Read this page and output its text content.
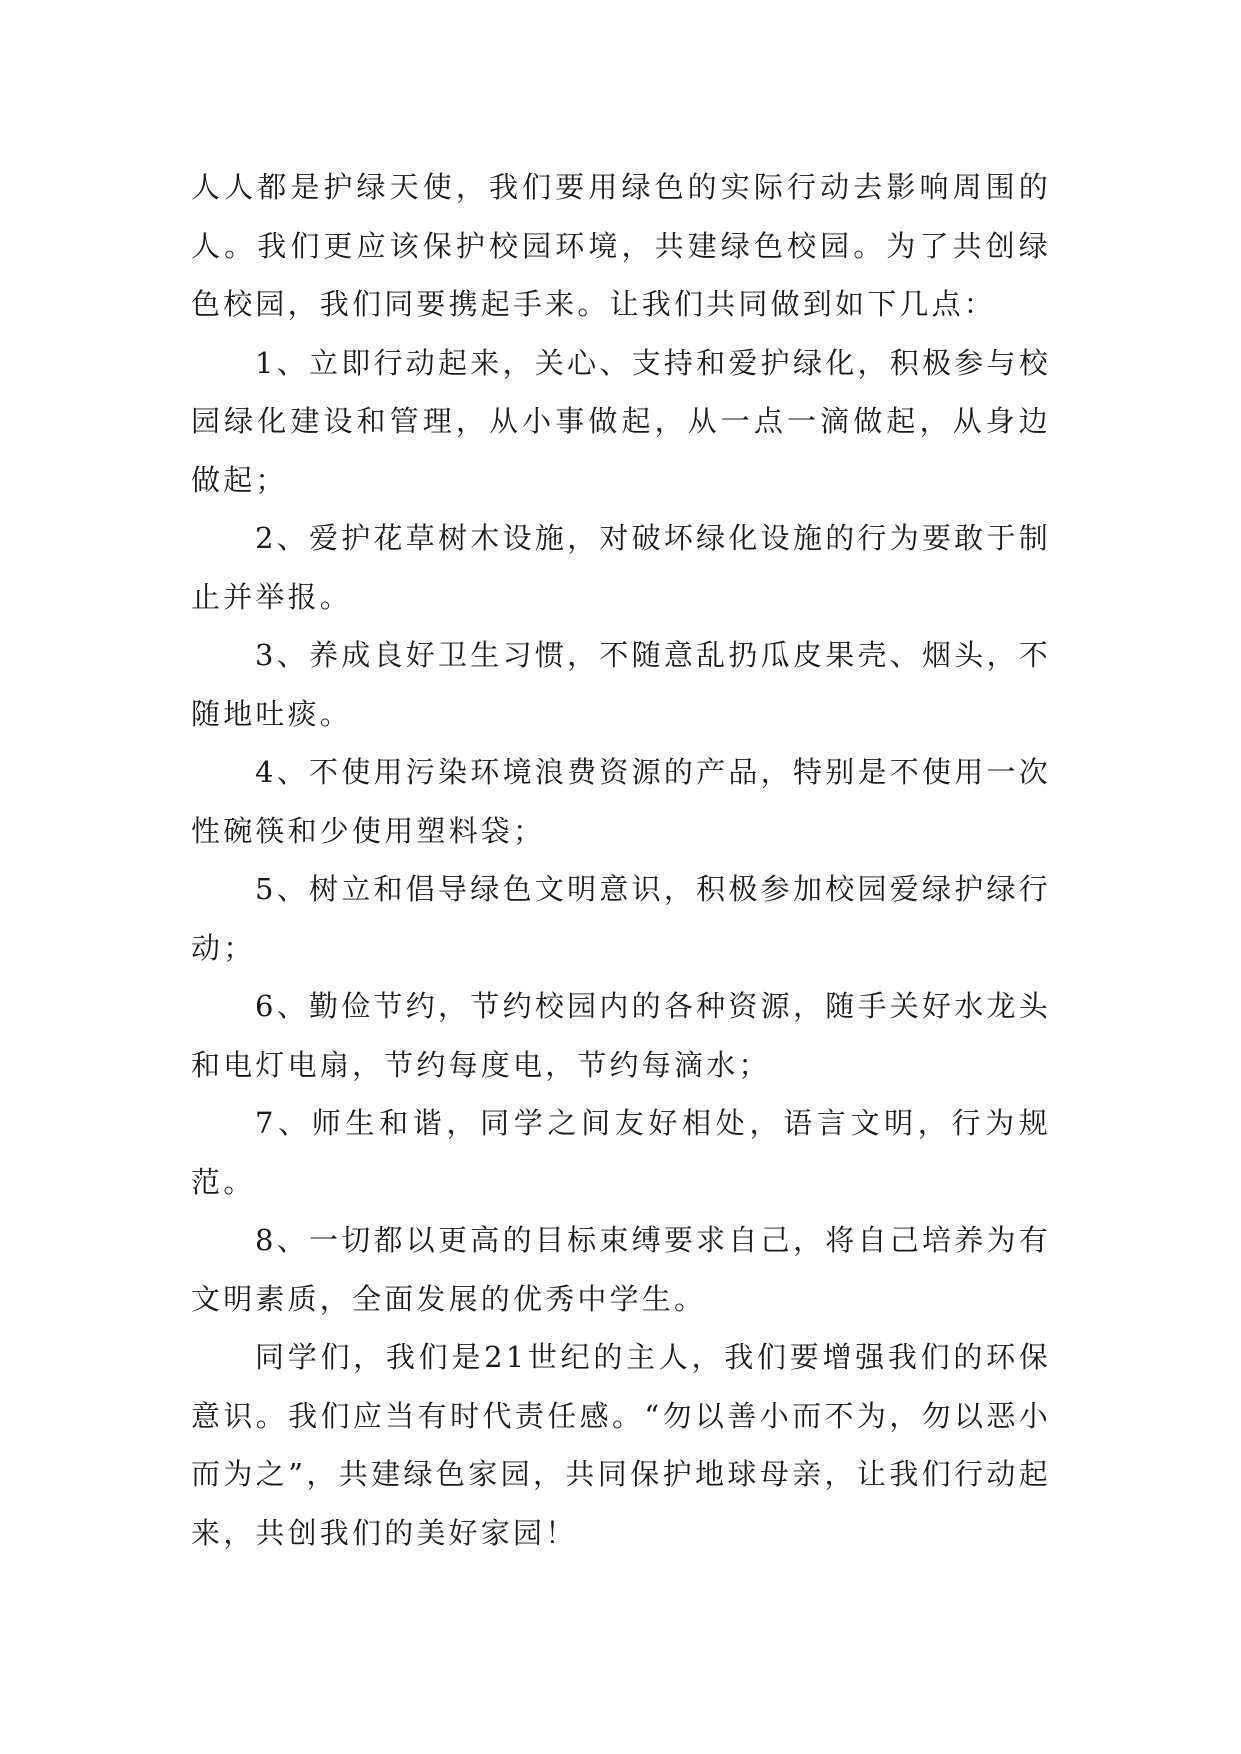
人人都是护绿天使，我们要用绿色的实际行动去影响周围的人。我们更应该保护校园环境，共建绿色校园。为了共创绿色校园，我们同要携起手来。让我们共同做到如下几点：

1、立即行动起来，关心、支持和爱护绿化，积极参与校园绿化建设和管理，从小事做起，从一点一滴做起，从身边做起；

2、爱护花草树木设施，对破坏绿化设施的行为要敢于制止并举报。

3、养成良好卫生习惯，不随意乱扔瓜皮果壳、烟头，不随地吐痰。

4、不使用污染环境浪费资源的产品，特别是不使用一次性碗筷和少使用塑料袋；

5、树立和倡导绿色文明意识，积极参加校园爱绿护绿行动；

6、勤俭节约，节约校园内的各种资源，随手关好水龙头和电灯电扇，节约每度电，节约每滴水；

7、师生和谐，同学之间友好相处，语言文明，行为规范。

8、一切都以更高的目标束缚要求自己，将自己培养为有文明素质，全面发展的优秀中学生。

同学们，我们是21世纪的主人，我们要增强我们的环保意识。我们应当有时代责任感。“勿以善小而不为，勿以恶小而为之”，共建绿色家园，共同保护地球母亲，让我们行动起来，共创我们的美好家园！
